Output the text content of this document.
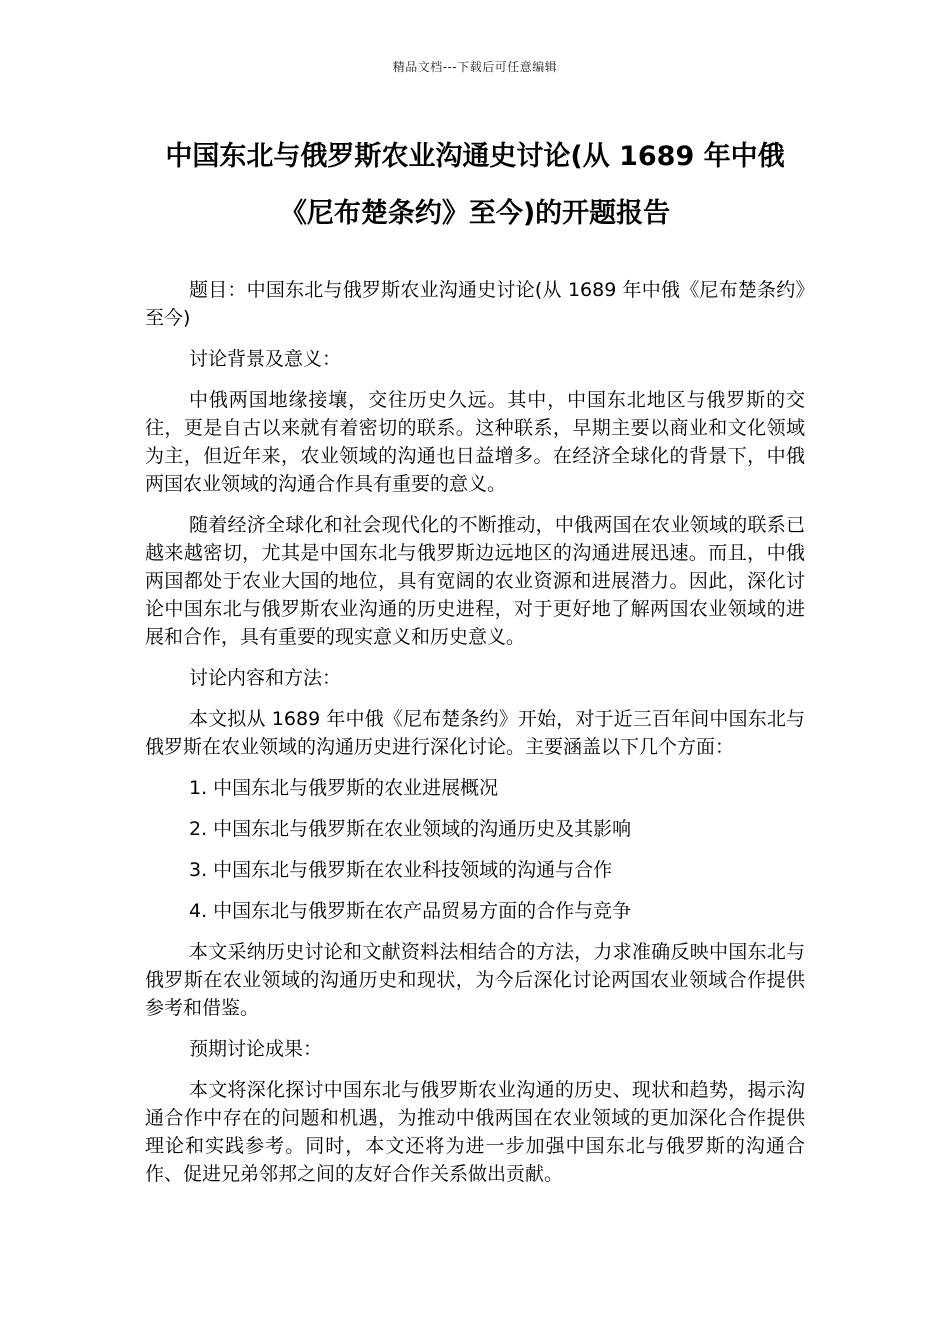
精品文档---下载后可任意编辑
中国东北与俄罗斯农业沟通史讨论(从 1689 年中俄
《尼布楚条约》至今)的开题报告

题目：中国东北与俄罗斯农业沟通史讨论(从 1689 年中俄《尼布楚条约》至今)

讨论背景及意义：

中俄两国地缘接壤，交往历史久远。其中，中国东北地区与俄罗斯的交往，更是自古以来就有着密切的联系。这种联系，早期主要以商业和文化领域为主，但近年来，农业领域的沟通也日益增多。在经济全球化的背景下，中俄两国农业领域的沟通合作具有重要的意义。

随着经济全球化和社会现代化的不断推动，中俄两国在农业领域的联系已越来越密切，尤其是中国东北与俄罗斯边远地区的沟通进展迅速。而且，中俄两国都处于农业大国的地位，具有宽阔的农业资源和进展潜力。因此，深化讨论中国东北与俄罗斯农业沟通的历史进程，对于更好地了解两国农业领域的进展和合作，具有重要的现实意义和历史意义。

讨论内容和方法：

本文拟从 1689 年中俄《尼布楚条约》开始，对于近三百年间中国东北与俄罗斯在农业领域的沟通历史进行深化讨论。主要涵盖以下几个方面：

1. 中国东北与俄罗斯的农业进展概况

2. 中国东北与俄罗斯在农业领域的沟通历史及其影响

3. 中国东北与俄罗斯在农业科技领域的沟通与合作

4. 中国东北与俄罗斯在农产品贸易方面的合作与竞争

本文采纳历史讨论和文献资料法相结合的方法，力求准确反映中国东北与俄罗斯在农业领域的沟通历史和现状，为今后深化讨论两国农业领域合作提供参考和借鉴。

预期讨论成果：

本文将深化探讨中国东北与俄罗斯农业沟通的历史、现状和趋势，揭示沟通合作中存在的问题和机遇，为推动中俄两国在农业领域的更加深化合作提供理论和实践参考。同时，本文还将为进一步加强中国东北与俄罗斯的沟通合作、促进兄弟邻邦之间的友好合作关系做出贡献。
